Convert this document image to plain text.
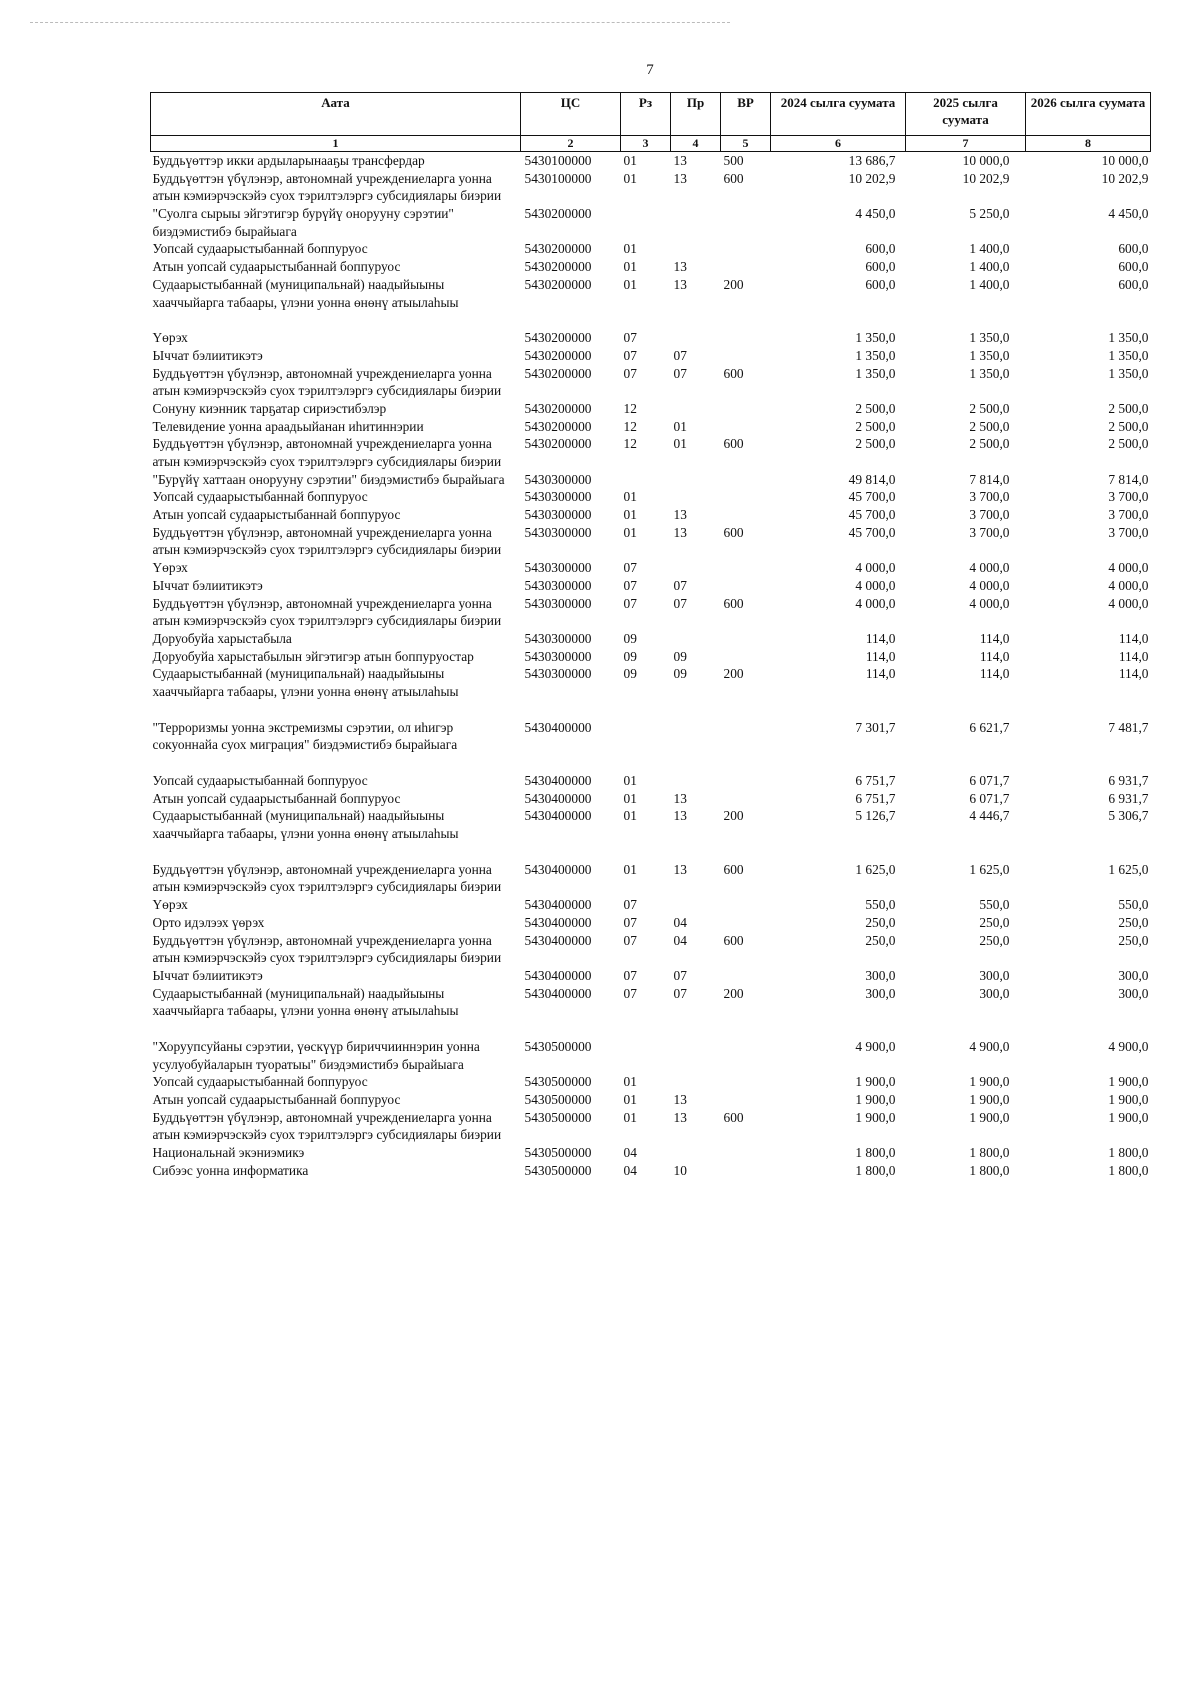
7
Аата	ЦС	Рз	Пр	ВР	2024 сылга суумата	2025 сылга суумата	2026 сылга суумата
1	2	3	4	5	6	7	8
Буддьүөттэр икки ардыларынааҕы трансфердар	5430100000	01	13	500	13 686,7	10 000,0	10 000,0
Буддьүөттэн үбүлэнэр, автономнай учреждениеларга уонна атын кэмиэрчэскэйэ суох тэрилтэлэргэ субсидиялары биэрии	5430100000	01	13	600	10 202,9	10 202,9	10 202,9
"Суолга сырыы эйгэтигэр бурүйү онорууну сэрэтии" биэдэмистибэ бырайыага	5430200000				4 450,0	5 250,0	4 450,0
Уопсай судаарыстыбаннай боппуруос	5430200000	01			600,0	1 400,0	600,0
Атын уопсай судаарыстыбаннай боппуруос	5430200000	01	13		600,0	1 400,0	600,0
Судаарыстыбаннай (муниципальнай) наадыйыыны хааччыйарга табаары, үлэни уонна өнөнү атыылаhыы	5430200000	01	13	200	600,0	1 400,0	600,0
Үөрэх	5430200000	07			1 350,0	1 350,0	1 350,0
Ыччат бэлиитикэтэ	5430200000	07	07		1 350,0	1 350,0	1 350,0
Буддьүөттэн үбүлэнэр, автономнай учреждениеларга уонна атын кэмиэрчэскэйэ суох тэрилтэлэргэ субсидиялары биэрии	5430200000	07	07	600	1 350,0	1 350,0	1 350,0
Сонуну киэнник тарҕатар сириэстибэлэр	5430200000	12			2 500,0	2 500,0	2 500,0
Телевидение уонна араадьыйанан иhитиннэрии	5430200000	12	01		2 500,0	2 500,0	2 500,0
Буддьүөттэн үбүлэнэр, автономнай учреждениеларга уонна атын кэмиэрчэскэйэ суох тэрилтэлэргэ субсидиялары биэрии	5430200000	12	01	600	2 500,0	2 500,0	2 500,0
"Бурүйү хаттаан онорууну сэрэтии" биэдэмистибэ бырайыага	5430300000				49 814,0	7 814,0	7 814,0
Уопсай судаарыстыбаннай боппуруос	5430300000	01			45 700,0	3 700,0	3 700,0
Атын уопсай судаарыстыбаннай боппуруос	5430300000	01	13		45 700,0	3 700,0	3 700,0
Буддьүөттэн үбүлэнэр, автономнай учреждениеларга уонна атын кэмиэрчэскэйэ суох тэрилтэлэргэ субсидиялары биэрии	5430300000	01	13	600	45 700,0	3 700,0	3 700,0
Үөрэх	5430300000	07			4 000,0	4 000,0	4 000,0
Ыччат бэлиитикэтэ	5430300000	07	07		4 000,0	4 000,0	4 000,0
Буддьүөттэн үбүлэнэр, автономнай учреждениеларга уонна атын кэмиэрчэскэйэ суох тэрилтэлэргэ субсидиялары биэрии	5430300000	07	07	600	4 000,0	4 000,0	4 000,0
Доруобуйа харыстабыла	5430300000	09			114,0	114,0	114,0
Доруобуйа харыстабылын эйгэтигэр атын боппуруостар	5430300000	09	09		114,0	114,0	114,0
Судаарыстыбаннай (муниципальнай) наадыйыыны хааччыйарга табаары, үлэни уонна өнөнү атыылаhыы	5430300000	09	09	200	114,0	114,0	114,0
"Терроризмы уонна экстремизмы сэрэтии, ол иhигэр сокуоннайа суох миграция" биэдэмистибэ бырайыага	5430400000				7 301,7	6 621,7	7 481,7
Уопсай судаарыстыбаннай боппуруос	5430400000	01			6 751,7	6 071,7	6 931,7
Атын уопсай судаарыстыбаннай боппуруос	5430400000	01	13		6 751,7	6 071,7	6 931,7
Судаарыстыбаннай (муниципальнай) наадыйыыны хааччыйарга табаары, үлэни уонна өнөнү атыылаhыы	5430400000	01	13	200	5 126,7	4 446,7	5 306,7
Буддьүөттэн үбүлэнэр, автономнай учреждениеларга уонна атын кэмиэрчэскэйэ суох тэрилтэлэргэ субсидиялары биэрии	5430400000	01	13	600	1 625,0	1 625,0	1 625,0
Үөрэх	5430400000	07			550,0	550,0	550,0
Орто идэлээх үөрэх	5430400000	07	04		250,0	250,0	250,0
Буддьүөттэн үбүлэнэр, автономнай учреждениеларга уонна атын кэмиэрчэскэйэ суох тэрилтэлэргэ субсидиялары биэрии	5430400000	07	04	600	250,0	250,0	250,0
Ыччат бэлиитикэтэ	5430400000	07	07		300,0	300,0	300,0
Судаарыстыбаннай (муниципальнай) наадыйыыны хааччыйарга табаары, үлэни уонна өнөнү атыылаhыы	5430400000	07	07	200	300,0	300,0	300,0
"Хоруупсуйаны сэрэтии, үөскүүр бириччииннэрин уонна усулуобуйаларын туоратыы" биэдэмистибэ бырайыага	5430500000				4 900,0	4 900,0	4 900,0
Уопсай судаарыстыбаннай боппуруос	5430500000	01			1 900,0	1 900,0	1 900,0
Атын уопсай судаарыстыбаннай боппуруос	5430500000	01	13		1 900,0	1 900,0	1 900,0
Буддьүөттэн үбүлэнэр, автономнай учреждениеларга уонна атын кэмиэрчэскэйэ суох тэрилтэлэргэ субсидиялары биэрии	5430500000	01	13	600	1 900,0	1 900,0	1 900,0
Национальнай экэниэмикэ	5430500000	04			1 800,0	1 800,0	1 800,0
Сибээс уонна информатика	5430500000	04	10		1 800,0	1 800,0	1 800,0
